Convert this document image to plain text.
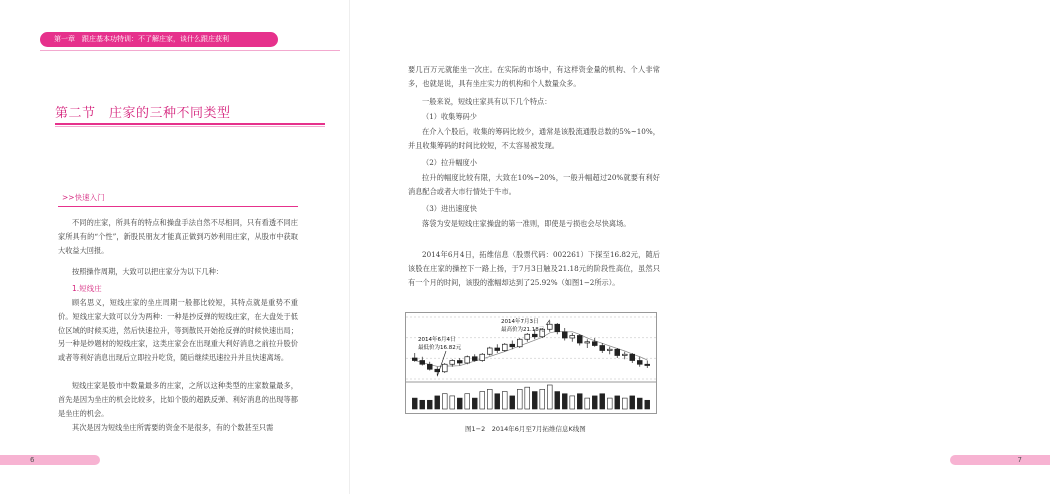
第一章　跟庄基本功特训：不了解庄家，谈什么跟庄获利
第二节　庄家的三种不同类型
>>快速入门

不同的庄家，所具有的特点和操盘手法自然不尽相同，只有看透不同庄家所具有的“个性”，新股民朋友才能真正做到巧妙利用庄家，从股市中获取大收益大回报。

按照操作周期，大致可以把庄家分为以下几种：

1.短线庄

顾名思义，短线庄家的坐庄周期一般都比较短，其特点就是重势不重价。短线庄家大致可以分为两种：一种是抄反弹的短线庄家，在大盘处于低位区域的时候买进，然后快速拉升，等到散民开始抢反弹的时候快速出局；另一种是炒题材的短线庄家，这类庄家会在出现重大利好消息之前拉升股价或者等利好消息出现后立即拉升吃货，随后继续迅速拉升并且快速离场。

短线庄家是股市中数量最多的庄家，之所以这种类型的庄家数量最多，首先是因为坐庄的机会比较多，比如个股的超跌反弹、利好消息的出现等都是坐庄的机会。

其次是因为短线坐庄所需要的资金不是很多，有的个数甚至只需

6

要几百万元就能坐一次庄。在实际的市场中，有这样资金量的机构、个人非常多，也就是说，具有坐庄实力的机构和个人数量众多。

一般来说，短线庄家具有以下几个特点：

（1）收集筹码少

在介入个股后，收集的筹码比较少，通常是该股流通股总数的5%~10%，并且收集筹码的时间比较短，不太容易被发现。

（2）拉升幅度小

拉升的幅度比较有限，大致在10%~20%，一般升幅超过20%就要有利好消息配合或者大市行情处于牛市。

（3）进出速度快

落袋为安是短线庄家操盘的第一准则，即使是亏损也会尽快离场。

2014年6月4日，拓维信息（股票代码：002261）下探至16.82元，随后该股在庄家的操控下一路上扬，于7月3日触及21.18元的阶段性高位，虽然只有一个月的时间，该股的涨幅却达到了25.92%（如图1−2所示）。

7
2014年6月4日
最低价为16.82元
2014年7月3日
最高价为21.18元
图1−2　2014年6月至7月拓维信息K线图
